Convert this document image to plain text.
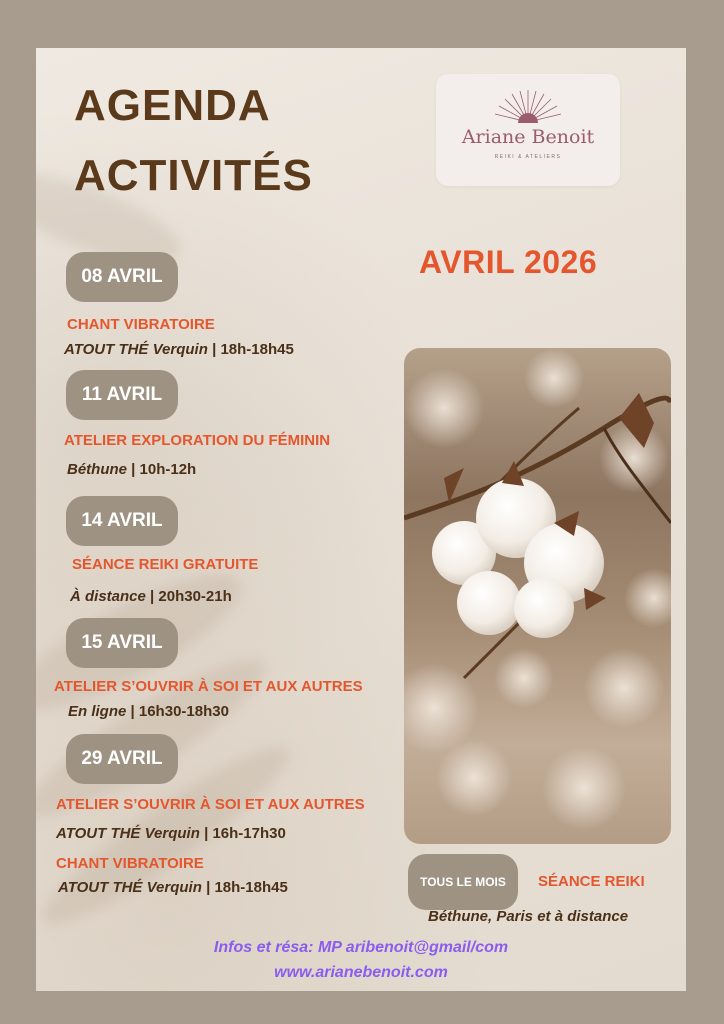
AGENDA
ACTIVITÉS
Ariane Benoit
REIKI & ATELIERS
AVRIL 2026
08 AVRIL
CHANT VIBRATOIRE
ATOUT THÉ Verquin | 18h-18h45
11 AVRIL
ATELIER EXPLORATION DU FÉMININ
Béthune | 10h-12h
14 AVRIL
SÉANCE REIKI GRATUITE
À distance | 20h30-21h
15 AVRIL
ATELIER S’OUVRIR À SOI ET AUX AUTRES
En ligne | 16h30-18h30
29 AVRIL
ATELIER S’OUVRIR À SOI ET AUX AUTRES
ATOUT THÉ Verquin | 16h-17h30
CHANT VIBRATOIRE
ATOUT THÉ Verquin | 18h-18h45	TOUS LE MOIS	SÉANCE REIKI
Béthune, Paris et à distance
Infos et résa: MP aribenoit@gmail/com
www.arianebenoit.com
